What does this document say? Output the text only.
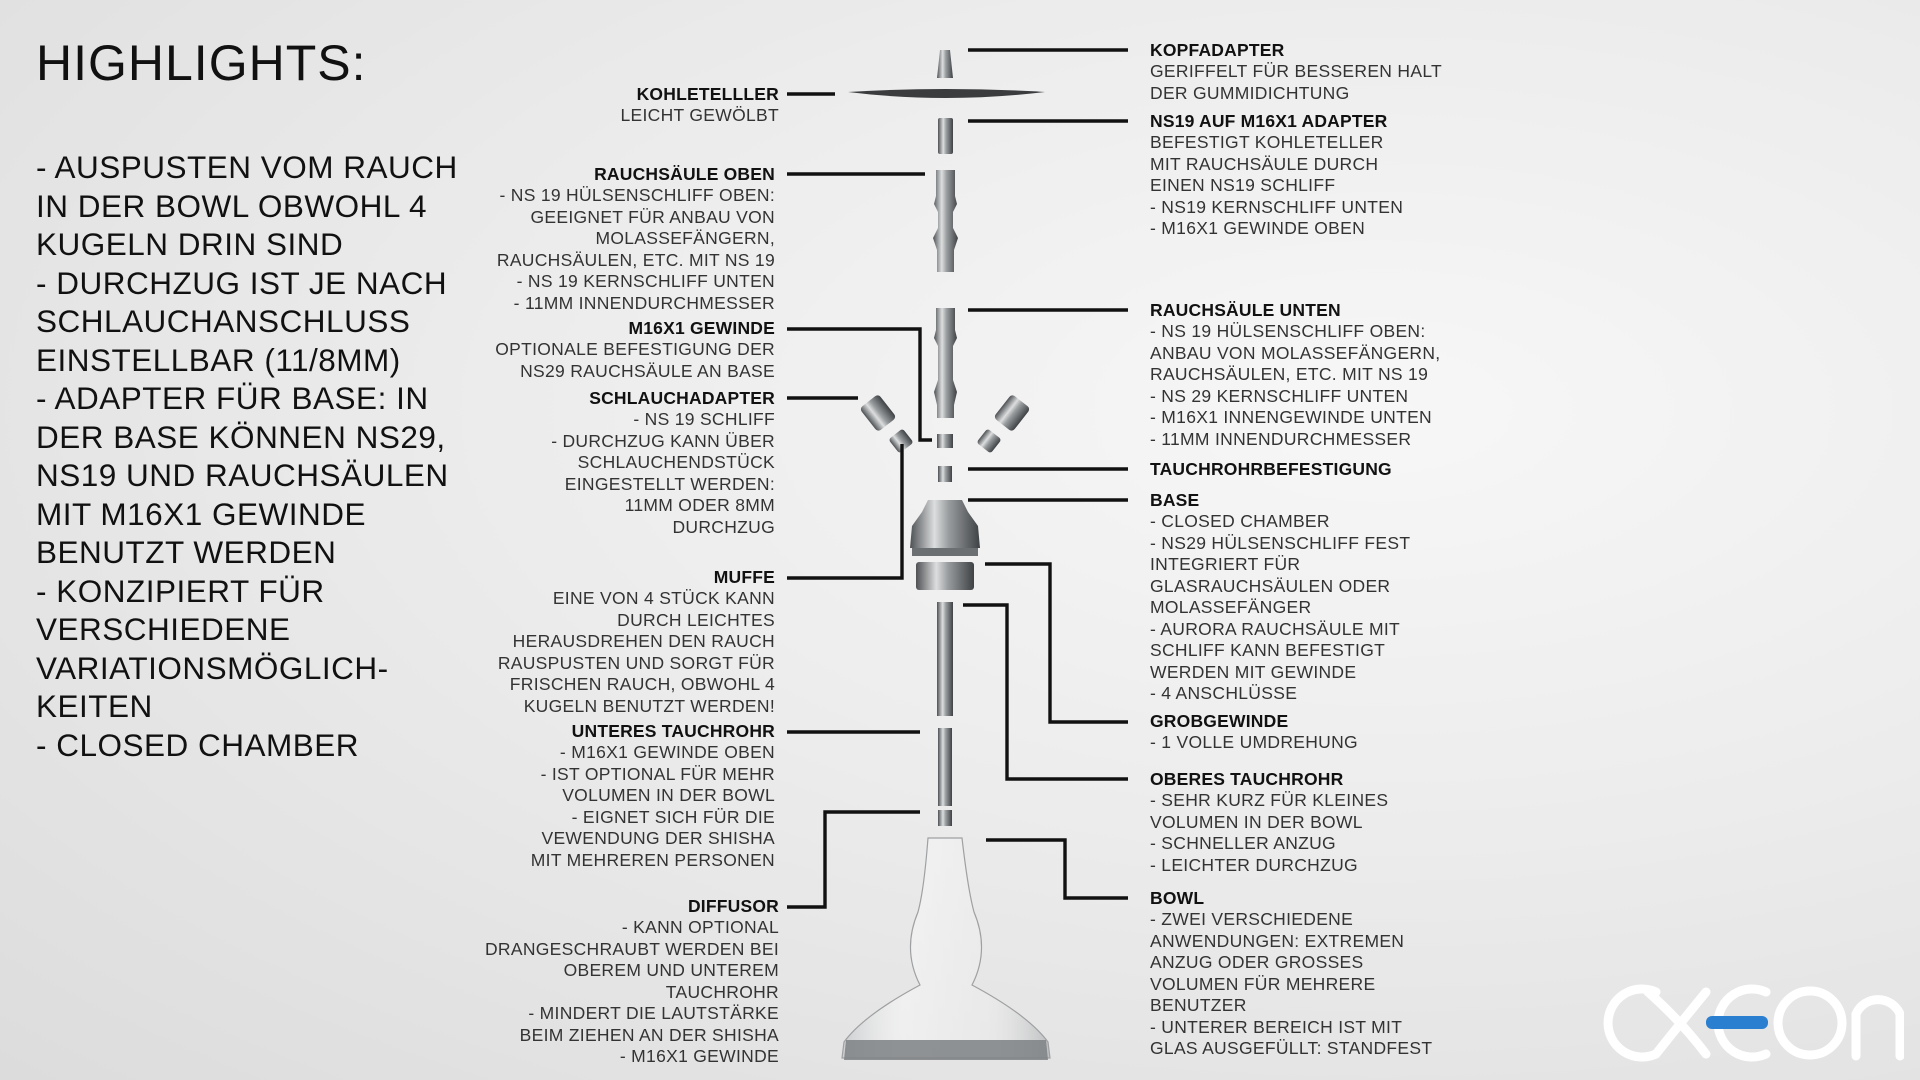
HIGHLIGHTS:
- AUSPUSTEN VOM RAUCH IN DER BOWL OBWOHL 4 KUGELN DRIN SIND
- DURCHZUG IST JE NACH SCHLAUCHANSCHLUSS EINSTELLBAR (11/8MM)
- ADAPTER FÜR BASE: IN DER BASE KÖNNEN NS29, NS19 UND RAUCHSÄULEN MIT M16X1 GEWINDE BENUTZT WERDEN
- KONZIPIERT FÜR VERSCHIEDENE VARIATIONSMÖGLICH-KEITEN
- CLOSED CHAMBER
KOHLETELLLER
LEICHT GEWÖLBT
RAUCHSÄULE OBEN
- NS 19 HÜLSENSCHLIFF OBEN:
GEEIGNET FÜR ANBAU VON
MOLASSEFÄNGERN,
RAUCHSÄULEN, ETC. MIT NS 19
- NS 19 KERNSCHLIFF UNTEN
- 11MM INNENDURCHMESSER
M16X1 GEWINDE
OPTIONALE BEFESTIGUNG DER
NS29 RAUCHSÄULE AN BASE
SCHLAUCHADAPTER
- NS 19 SCHLIFF
- DURCHZUG KANN ÜBER
SCHLAUCHENDSTÜCK
EINGESTELLT WERDEN:
11MM ODER 8MM
DURCHZUG
MUFFE
EINE VON 4 STÜCK KANN
DURCH LEICHTES
HERAUSDREHEN DEN RAUCH
RAUSPUSTEN UND SORGT FÜR
FRISCHEN RAUCH, OBWOHL 4
KUGELN BENUTZT WERDEN!
UNTERES TAUCHROHR
- M16X1 GEWINDE OBEN
- IST OPTIONAL FÜR MEHR
VOLUMEN IN DER BOWL
- EIGNET SICH FÜR DIE
VEWENDUNG DER SHISHA
MIT MEHREREN PERSONEN
DIFFUSOR
- KANN OPTIONAL
DRANGESCHRAUBT WERDEN BEI
OBEREM UND UNTEREM
TAUCHROHR
- MINDERT DIE LAUTSTÄRKE
BEIM ZIEHEN AN DER SHISHA
- M16X1 GEWINDE
KOPFADAPTER
GERIFFELT FÜR BESSEREN HALT
DER GUMMIDICHTUNG
NS19 AUF M16X1 ADAPTER
BEFESTIGT KOHLETELLER
MIT RAUCHSÄULE DURCH
EINEN NS19 SCHLIFF
- NS19 KERNSCHLIFF UNTEN
- M16X1 GEWINDE OBEN
RAUCHSÄULE UNTEN
- NS 19 HÜLSENSCHLIFF OBEN:
ANBAU VON MOLASSEFÄNGERN,
RAUCHSÄULEN, ETC. MIT NS 19
- NS 29 KERNSCHLIFF UNTEN
- M16X1 INNENGEWINDE UNTEN
- 11MM INNENDURCHMESSER
TAUCHROHRBEFESTIGUNG
BASE
- CLOSED CHAMBER
- NS29 HÜLSENSCHLIFF FEST
INTEGRIERT FÜR
GLASRAUCHSÄULEN ODER
MOLASSEFÄNGER
- AURORA RAUCHSÄULE MIT
SCHLIFF KANN BEFESTIGT
WERDEN MIT GEWINDE
- 4 ANSCHLÜSSE
GROBGEWINDE
- 1 VOLLE UMDREHUNG
OBERES TAUCHROHR
- SEHR KURZ FÜR KLEINES
VOLUMEN IN DER BOWL
- SCHNELLER ANZUG
- LEICHTER DURCHZUG
BOWL
- ZWEI VERSCHIEDENE
ANWENDUNGEN: EXTREMEN
ANZUG ODER GROSSES
VOLUMEN FÜR MEHRERE
BENUTZER
- UNTERER BEREICH IST MIT
GLAS AUSGEFÜLLT: STANDFEST
